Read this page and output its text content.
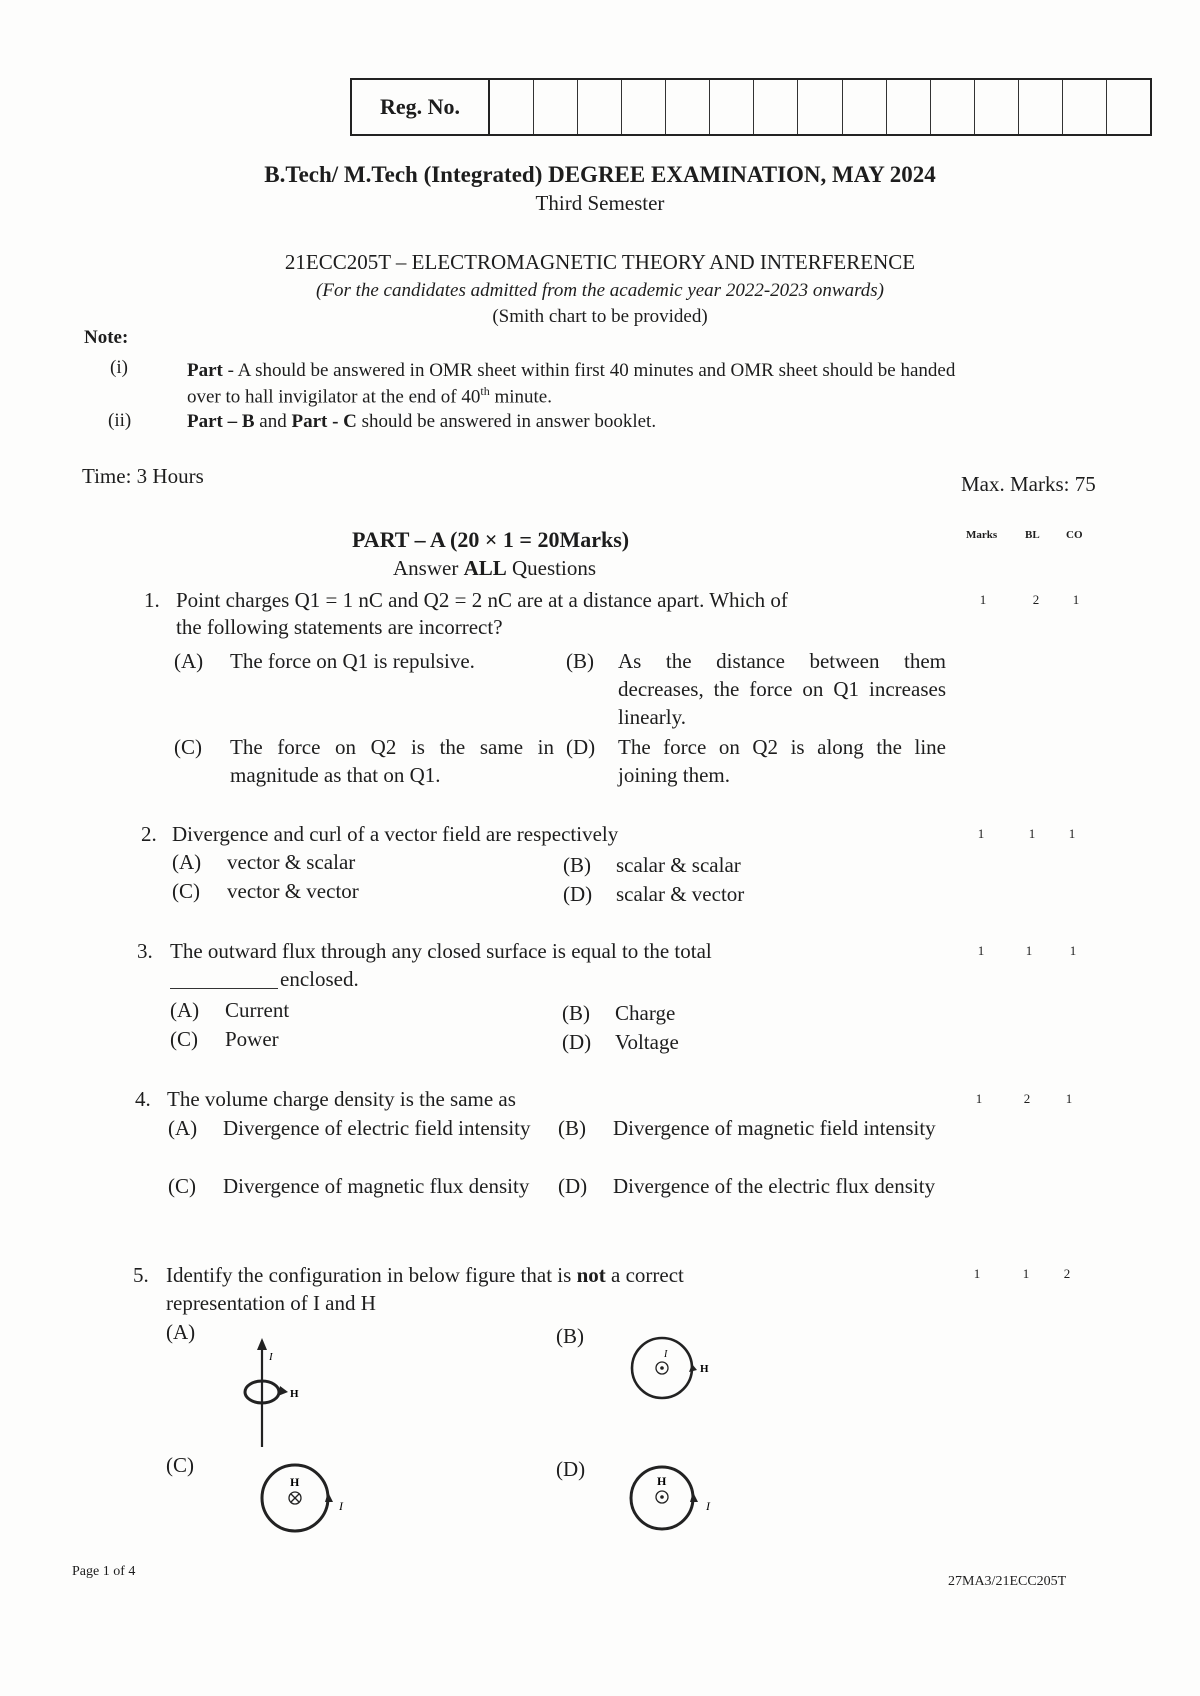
Reg. No.
B.Tech/ M.Tech (Integrated) DEGREE EXAMINATION, MAY 2024
Third Semester
21ECC205T – ELECTROMAGNETIC THEORY AND INTERFERENCE
(For the candidates admitted from the academic year 2022-2023 onwards)
(Smith chart to be provided)
Note:
(i)	Part - A should be answered in OMR sheet within first 40 minutes and OMR sheet should be handed
over to hall invigilator at the end of 40th minute.
(ii)	Part – B and Part - C should be answered in answer booklet.
Time: 3 Hours	Max. Marks: 75
PART – A (20 × 1 = 20Marks)
Answer ALL Questions
Marks	BL CO
1. Point charges Q1 = 1 nC and Q2 = 2 nC are at a distance apart. Which of
the following statements are incorrect?
1	2	1
(A) The force on Q1 is repulsive.	(B) As the distance between them decreases, the force on Q1 increases linearly.
(C) The force on Q2 is the same in magnitude as that on Q1.
(D) The force on Q2 is along the line joining them.
2. Divergence and curl of a vector field are respectively	1	1	1
(A) vector & scalar	(B) scalar & scalar
(C) vector & vector	(D) scalar & vector
3. The outward flux through any closed surface is equal to the total
enclosed.
1	1	1
(A) Current	(B) Charge
(C) Power	(D) Voltage
4. The volume charge density is the same as	1	2	1
(A) Divergence of electric field intensity	(B) Divergence of magnetic field intensity
(C) Divergence of magnetic flux density	(D) Divergence of the electric flux density
5. Identify the configuration in below figure that is not a correct
representation of I and H
1	1	2
(A)	(B)
(C)	(D)
I
H
I
H
H
I
H
I
Page 1 of 4
27MA3/21ECC205T
